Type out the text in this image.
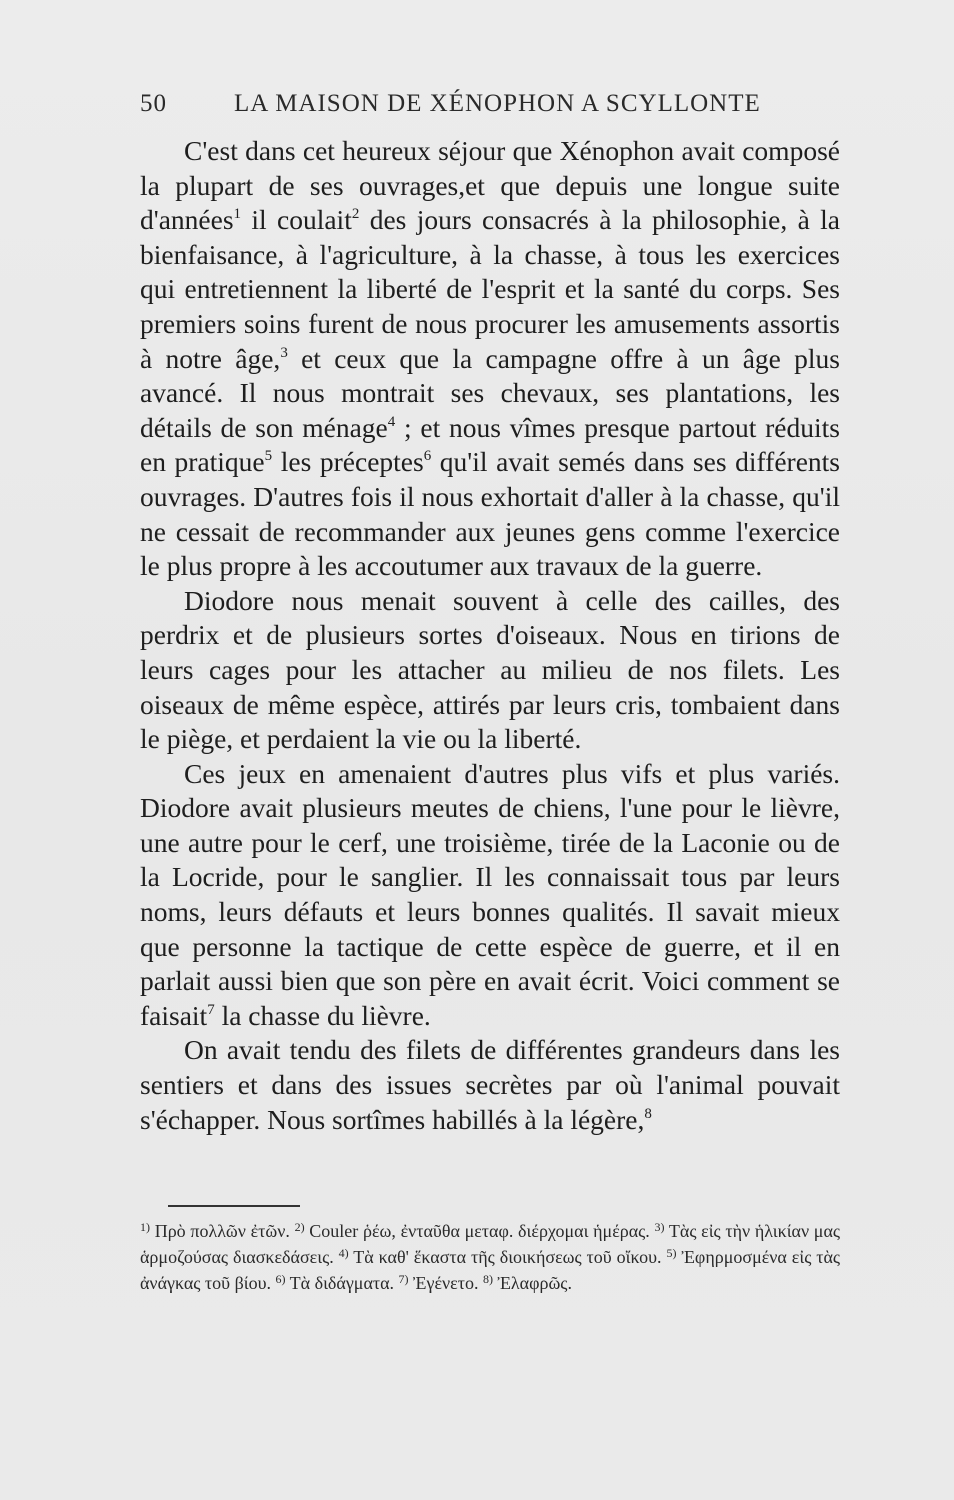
50	LA MAISON DE XÉNOPHON A SCYLLONTE

C'est dans cet heureux séjour que Xénophon avait composé la plupart de ses ouvrages,et que depuis une longue suite d'années$^1$ il coulait$^2$ des jours consacrés à la philosophie, à la bienfaisance, à l'agriculture, à la chasse, à tous les exercices qui entretiennent la liberté de l'esprit et la santé du corps. Ses premiers soins furent de nous procurer les amusements assortis à notre âge,$^3$ et ceux que la campagne offre à un âge plus avancé. Il nous montrait ses chevaux, ses plantations, les détails de son ménage$^4$ ; et nous vîmes presque partout réduits en pratique$^5$ les préceptes$^6$ qu'il avait semés dans ses différents ouvrages. D'autres fois il nous exhortait d'aller à la chasse, qu'il ne cessait de recommander aux jeunes gens comme l'exercice le plus propre à les accoutumer aux travaux de la guerre.

Diodore nous menait souvent à celle des cailles, des perdrix et de plusieurs sortes d'oiseaux. Nous en tirions de leurs cages pour les attacher au milieu de nos filets. Les oiseaux de même espèce, attirés par leurs cris, tombaient dans le piège, et perdaient la vie ou la liberté.

Ces jeux en amenaient d'autres plus vifs et plus variés. Diodore avait plusieurs meutes de chiens, l'une pour le lièvre, une autre pour le cerf, une troisième, tirée de la Laconie ou de la Locride, pour le sanglier. Il les connaissait tous par leurs noms, leurs défauts et leurs bonnes qualités. Il savait mieux que personne la tactique de cette espèce de guerre, et il en parlait aussi bien que son père en avait écrit. Voici comment se faisait$^7$ la chasse du lièvre.

On avait tendu des filets de différentes grandeurs dans les sentiers et dans des issues secrètes par où l'animal pouvait s'échapper. Nous sortîmes habillés à la légère,$^8$

$^{1)}$ Πρὸ πολλῶν ἐτῶν. $^{2)}$ Couler ῥέω, ἐνταῦθα μεταφ. διέρχομαι ἡμέρας. $^{3)}$ Τὰς εἰς τὴν ἡλικίαν μας ἁρμοζούσας διασκεδάσεις. $^{4)}$ Τὰ καθ' ἕκαστα τῆς διοικήσεως τοῦ οἴκου. $^{5)}$ Ἐφηρμοσμένα εἰς τὰς ἀνάγκας τοῦ βίου. $^{6)}$ Τὰ διδάγματα. $^{7)}$ Ἐγένετο. $^{8)}$ Ἐλαφρῶς.
